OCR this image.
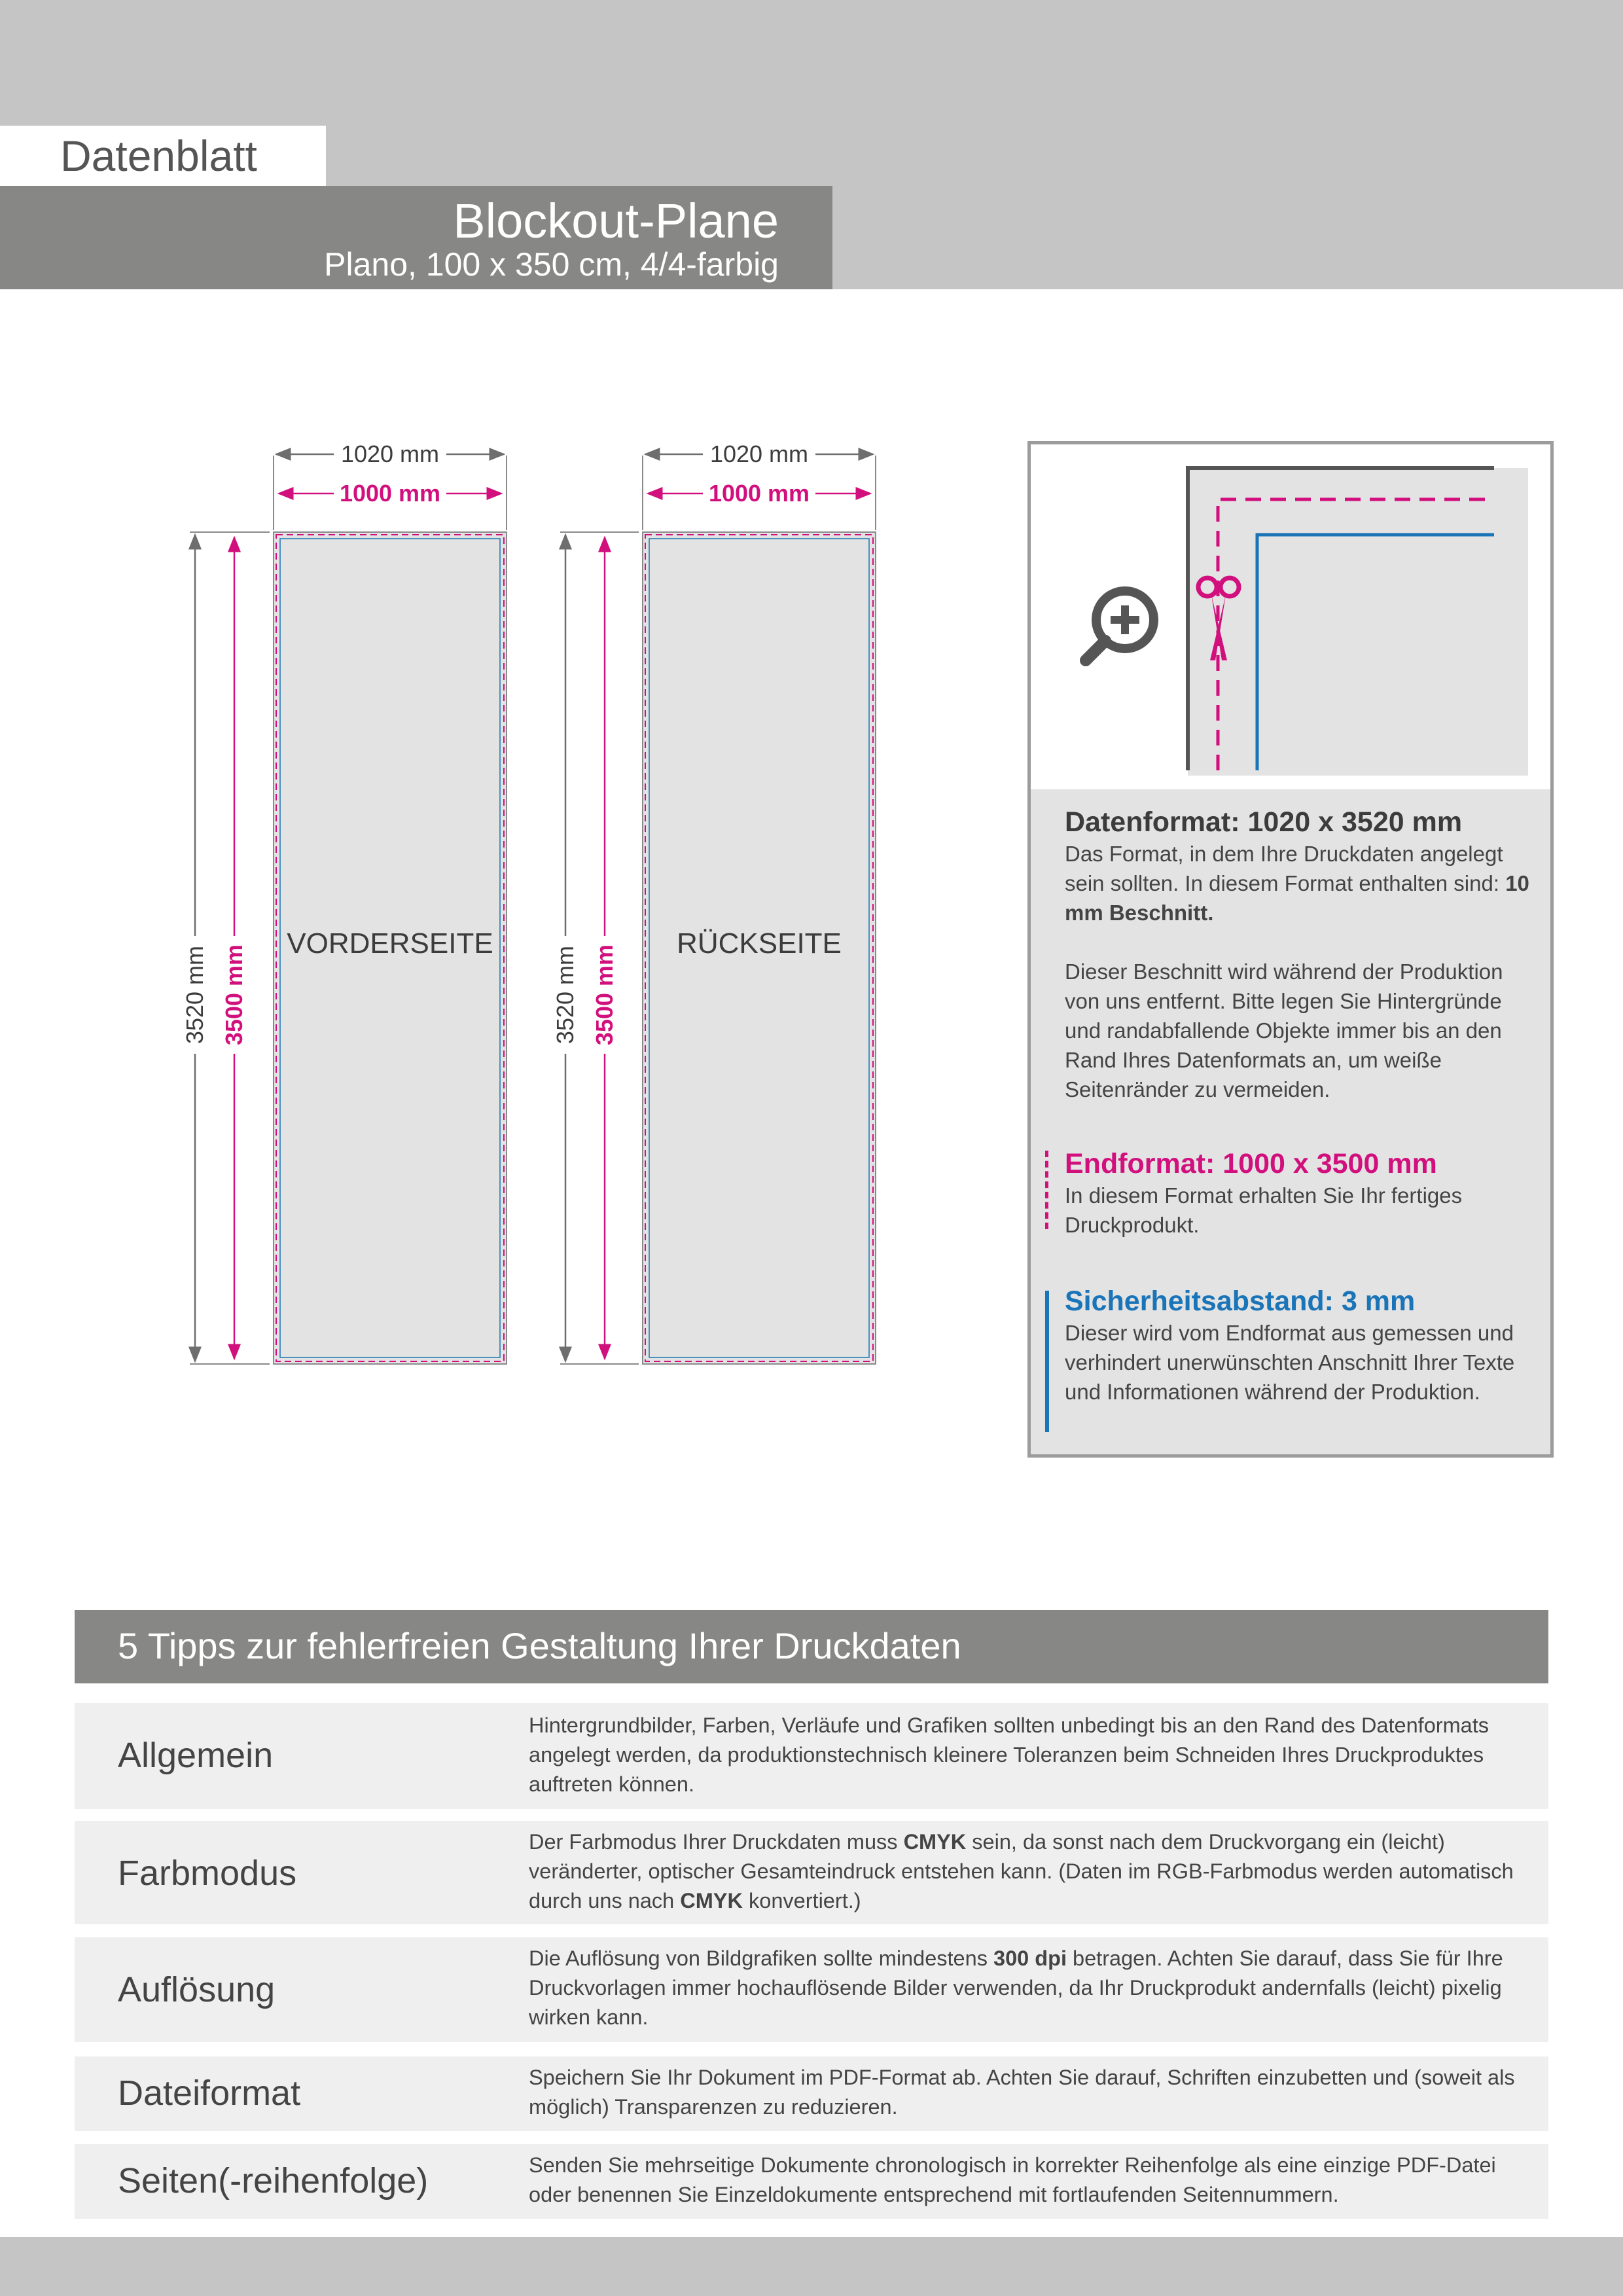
Datenblatt
Blockout-Plane
Plano, 100 x 350 cm, 4/4-farbig
1020 mm
1000 mm
3520 mm 3500 mm
VORDERSEITE
1020 mm
1000 mm
3520 mm 3500 mm
RÜCKSEITE
Datenformat: 1020 x 3520 mm

Das Format, in dem Ihre Druckdaten angelegt sein sollten. In diesem Format enthalten sind: 10 mm Beschnitt.

Dieser Beschnitt wird während der Produktion von uns entfernt. Bitte legen Sie Hintergründe und randabfallende Objekte immer bis an den Rand Ihres Datenformats an, um weiße Seitenränder zu vermeiden.

Endformat: 1000 x 3500 mm

In diesem Format erhalten Sie Ihr fertiges Druckprodukt.

Sicherheitsabstand: 3 mm

Dieser wird vom Endformat aus gemessen und verhindert unerwünschten Anschnitt Ihrer Texte und Informationen während der Produktion.

5 Tipps zur fehlerfreien Gestaltung Ihrer Druckdaten
Allgemein

Hintergrundbilder, Farben, Verläufe und Grafiken sollten unbedingt bis an den Rand des Datenformats angelegt werden, da produktionstechnisch kleinere Toleranzen beim Schneiden Ihres Druckproduktes auftreten können.

Farbmodus

Der Farbmodus Ihrer Druckdaten muss CMYK sein, da sonst nach dem Druckvorgang ein (leicht) veränderter, optischer Gesamteindruck entstehen kann. (Daten im RGB-Farbmodus werden automatisch durch uns nach CMYK konvertiert.)

Auflösung

Die Auflösung von Bildgrafiken sollte mindestens 300 dpi betragen. Achten Sie darauf, dass Sie für Ihre Druckvorlagen immer hochauflösende Bilder verwenden, da Ihr Druckprodukt andernfalls (leicht) pixelig wirken kann.

Dateiformat	Speichern Sie Ihr Dokument im PDF-Format ab. Achten Sie darauf, Schriften einzubetten und (soweit als möglich) Transparenzen zu reduzieren.

Seiten(-reihenfolge)	Senden Sie mehrseitige Dokumente chronologisch in korrekter Reihenfolge als eine einzige PDF-Datei oder benennen Sie Einzeldokumente entsprechend mit fortlaufenden Seitennummern.
